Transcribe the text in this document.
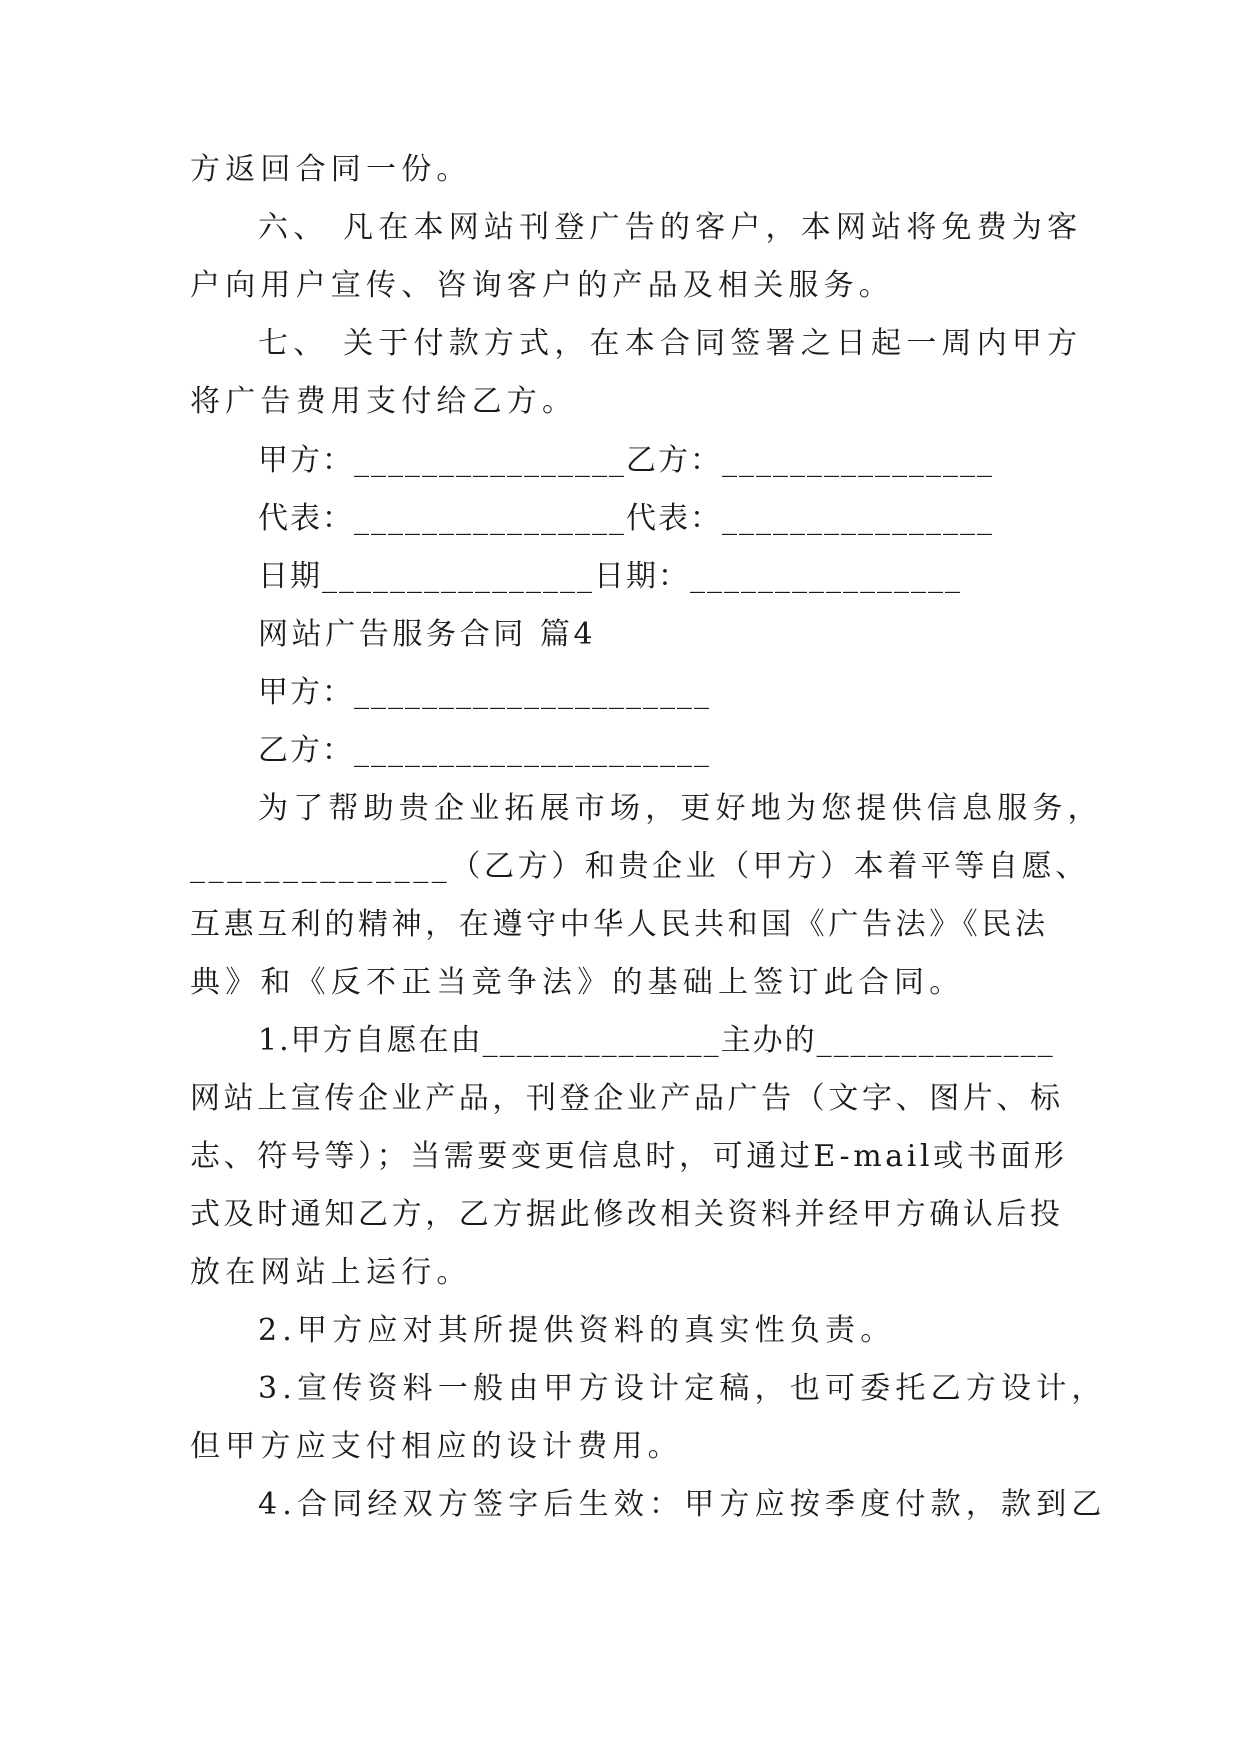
方返回合同一份。
六、 凡在本网站刊登广告的客户，本网站将免费为客
户向用户宣传、咨询客户的产品及相关服务。
七、 关于付款方式，在本合同签署之日起一周内甲方
将广告费用支付给乙方。
甲方：________________乙方：________________
代表：________________代表：________________
日期________________日期：________________
网站广告服务合同 篇4
甲方：_____________________
乙方：_____________________
为了帮助贵企业拓展市场，更好地为您提供信息服务，
______________（乙方）和贵企业（甲方）本着平等自愿、
互惠互利的精神，在遵守中华人民共和国《广告法》《民法
典》和《反不正当竞争法》的基础上签订此合同。
1.甲方自愿在由______________主办的______________
网站上宣传企业产品，刊登企业产品广告（文字、图片、标
志、符号等）；当需要变更信息时，可通过E-mail或书面形
式及时通知乙方，乙方据此修改相关资料并经甲方确认后投
放在网站上运行。
2.甲方应对其所提供资料的真实性负责。
3.宣传资料一般由甲方设计定稿，也可委托乙方设计，
但甲方应支付相应的设计费用。
4.合同经双方签字后生效：甲方应按季度付款，款到乙
